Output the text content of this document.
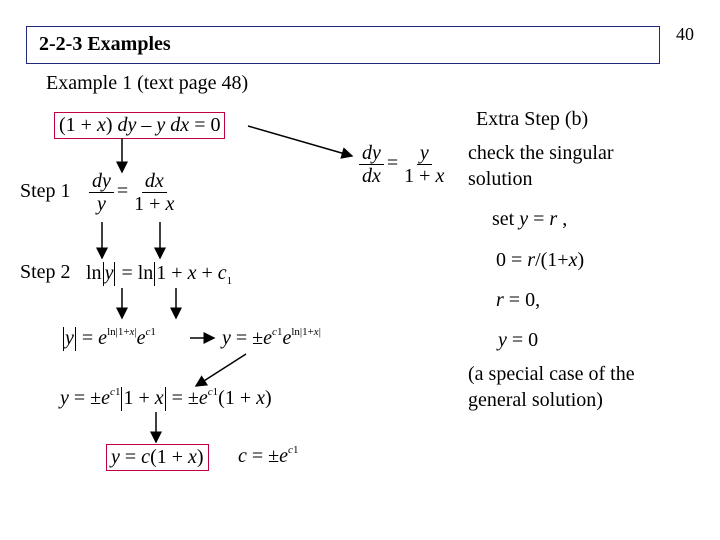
40
2-2-3 Examples
Example 1 (text page 48)
(1 + x) dy – y dx = 0
Step 1
Step 2
$\frac{dy}{y} = \frac{dx}{1 + x}$
$\frac{dy}{dx} = \frac{y}{1 + x}$
$\ln y = \ln 1 + x + c_1$
$y = e^{ln|1+x|}e^{c1}$	$y = \pm e^{c1}e^{ln|1+x|}$
$y = \pm e^{c1}$ $1 + x = \pm e^{c1}(1 + x)$
y = c(1 + x) $c = \pm e^{c1}$
Extra Step (b)
check the singular
solution
set y = r ,
0 = r/(1+x)
r = 0,
y = 0
(a special case of the
general solution)
